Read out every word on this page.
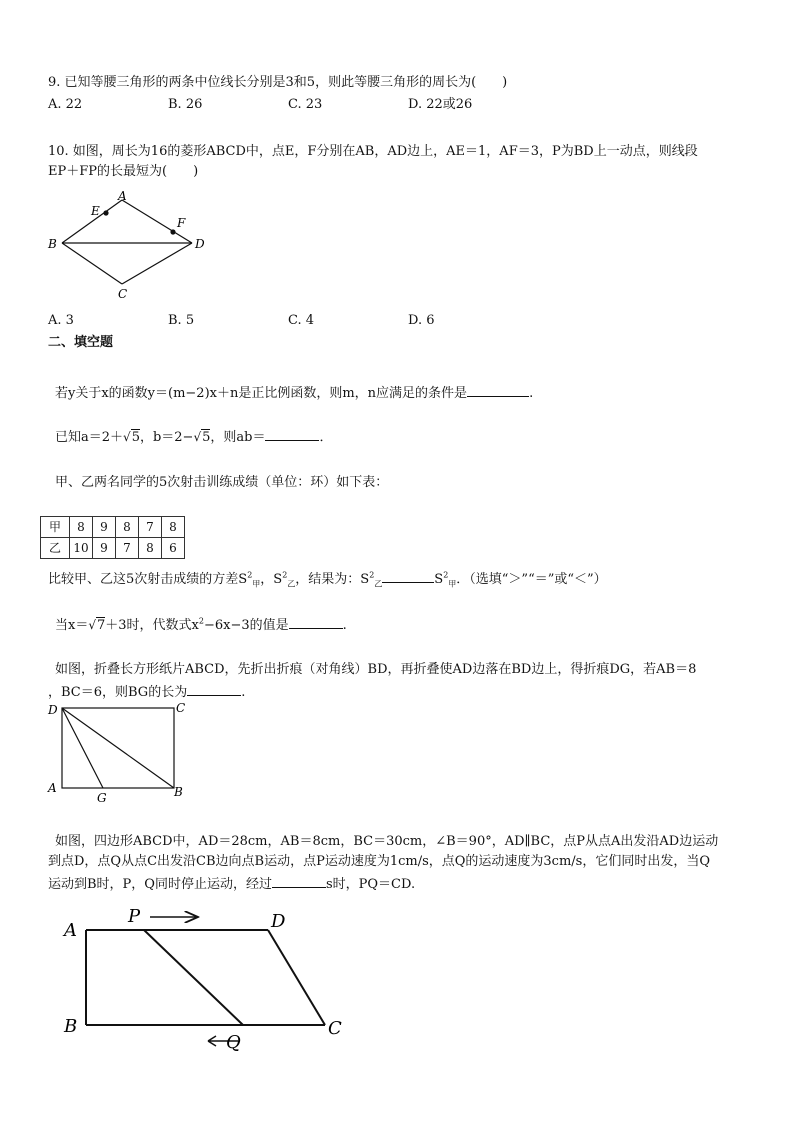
9. 已知等腰三角形的两条中位线长分别是3和5，则此等腰三角形的周长为(　　)
A. 22	B. 26	C. 23	D. 22或26
10. 如图，周长为16的菱形ABCD中，点E，F分别在AB，AD边上，AE＝1，AF＝3，P为BD上一动点，则线段
EP＋FP的长最短为(　　)
A
B
C
D
E
F
A. 3	B. 5	C. 4	D. 6
二、填空题
若y关于x的函数y＝(m−2)x＋n是正比例函数，则m，n应满足的条件是	.
已知a＝2＋√5，b＝2−√5，则ab＝	．
甲、乙两名同学的5次射击训练成绩（单位：环）如下表：
甲	8	9	8	7	8
乙	10	9	7	8	6
比较甲、乙这5次射击成绩的方差$S^2_甲$，$S^2_乙$，结果为：$S^2_乙$	$S^2_甲$．（选填“＞”“＝”或“＜”）
当x＝√7＋3时，代数式$x^2-6x-3$的值是	.
如图，折叠长方形纸片ABCD，先折出折痕（对角线）BD，再折叠使AD边落在BD边上，得折痕DG，若AB＝8
，BC＝6，则BG的长为	.
D	C
A	B
G
如图，四边形ABCD中，AD＝28cm，AB＝8cm，BC＝30cm，∠B＝90°，AD∥BC，点P从点A出发沿AD边运动
到点D，点Q从点C出发沿CB边向点B运动，点P运动速度为1cm/s，点Q的运动速度为3cm/s，它们同时出发，当Q
运动到B时，P，Q同时停止运动，经过	s时，PQ＝CD.
A
B	C
D
P
Q
